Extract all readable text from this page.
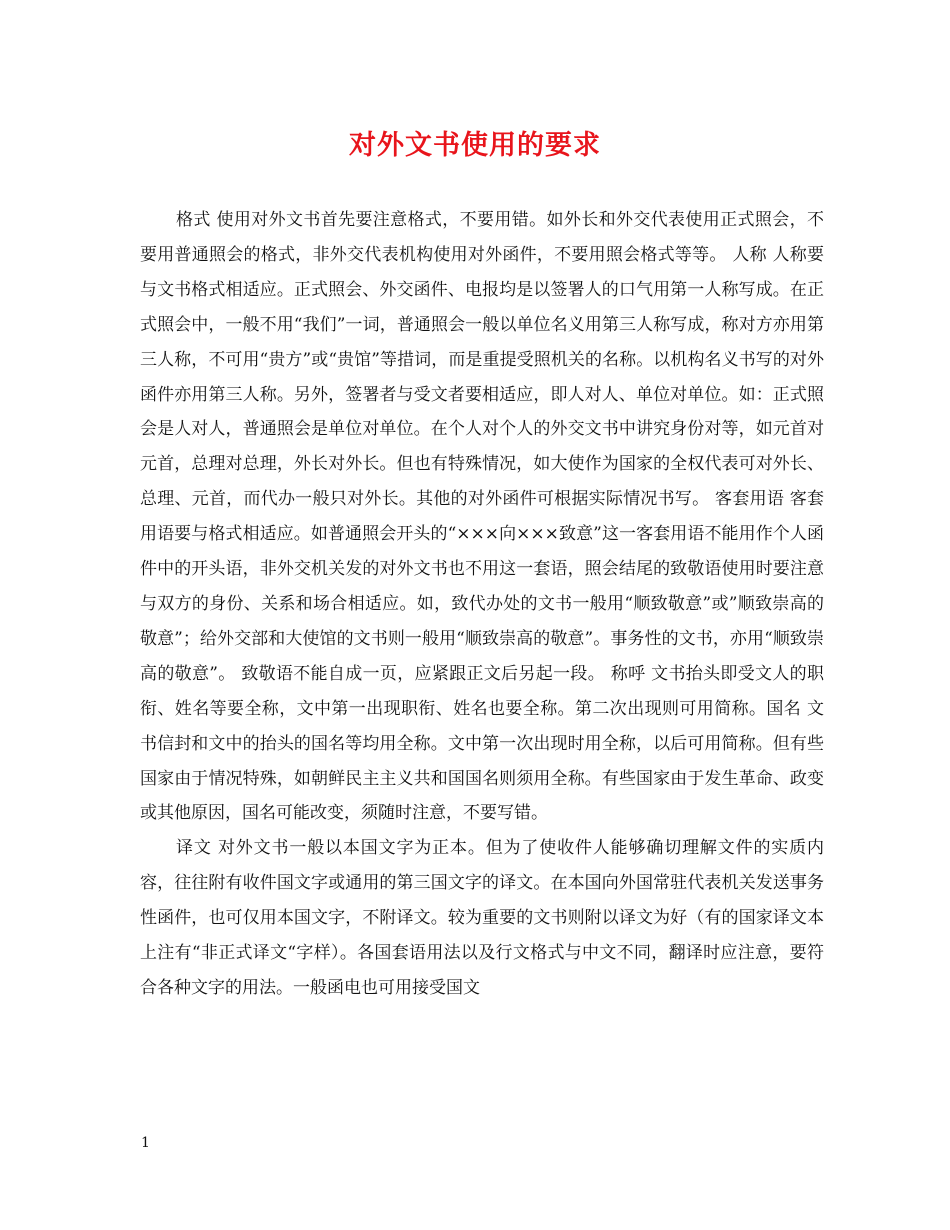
对外文书使用的要求

格式 使用对外文书首先要注意格式，不要用错。如外长和外交代表使用正式照会，不要用普通照会的格式，非外交代表机构使用对外函件，不要用照会格式等等。 人称 人称要与文书格式相适应。正式照会、外交函件、电报均是以签署人的口气用第一人称写成。在正式照会中，一般不用“我们”一词，普通照会一般以单位名义用第三人称写成，称对方亦用第三人称，不可用“贵方”或“贵馆”等措词，而是重提受照机关的名称。以机构名义书写的对外函件亦用第三人称。另外，签署者与受文者要相适应，即人对人、单位对单位。如：正式照会是人对人，普通照会是单位对单位。在个人对个人的外交文书中讲究身份对等，如元首对元首，总理对总理，外长对外长。但也有特殊情况，如大使作为国家的全权代表可对外长、总理、元首，而代办一般只对外长。其他的对外函件可根据实际情况书写。 客套用语 客套用语要与格式相适应。如普通照会开头的“×××向×××致意”这一客套用语不能用作个人函件中的开头语，非外交机关发的对外文书也不用这一套语，照会结尾的致敬语使用时要注意与双方的身份、关系和场合相适应。如，致代办处的文书一般用“顺致敬意”或”顺致崇高的敬意”；给外交部和大使馆的文书则一般用“顺致崇高的敬意”。事务性的文书，亦用“顺致崇高的敬意”。 致敬语不能自成一页，应紧跟正文后另起一段。 称呼 文书抬头即受文人的职衔、姓名等要全称，文中第一出现职衔、姓名也要全称。第二次出现则可用简称。国名 文书信封和文中的抬头的国名等均用全称。文中第一次出现时用全称，以后可用简称。但有些国家由于情况特殊，如朝鲜民主主义共和国国名则须用全称。有些国家由于发生革命、政变或其他原因，国名可能改变，须随时注意，不要写错。

译文 对外文书一般以本国文字为正本。但为了使收件人能够确切理解文件的实质内容，往往附有收件国文字或通用的第三国文字的译文。在本国向外国常驻代表机关发送事务性函件，也可仅用本国文字，不附译文。较为重要的文书则附以译文为好（有的国家译文本上注有“非正式译文“字样）。各国套语用法以及行文格式与中文不同，翻译时应注意，要符合各种文字的用法。一般函电也可用接受国文

1
